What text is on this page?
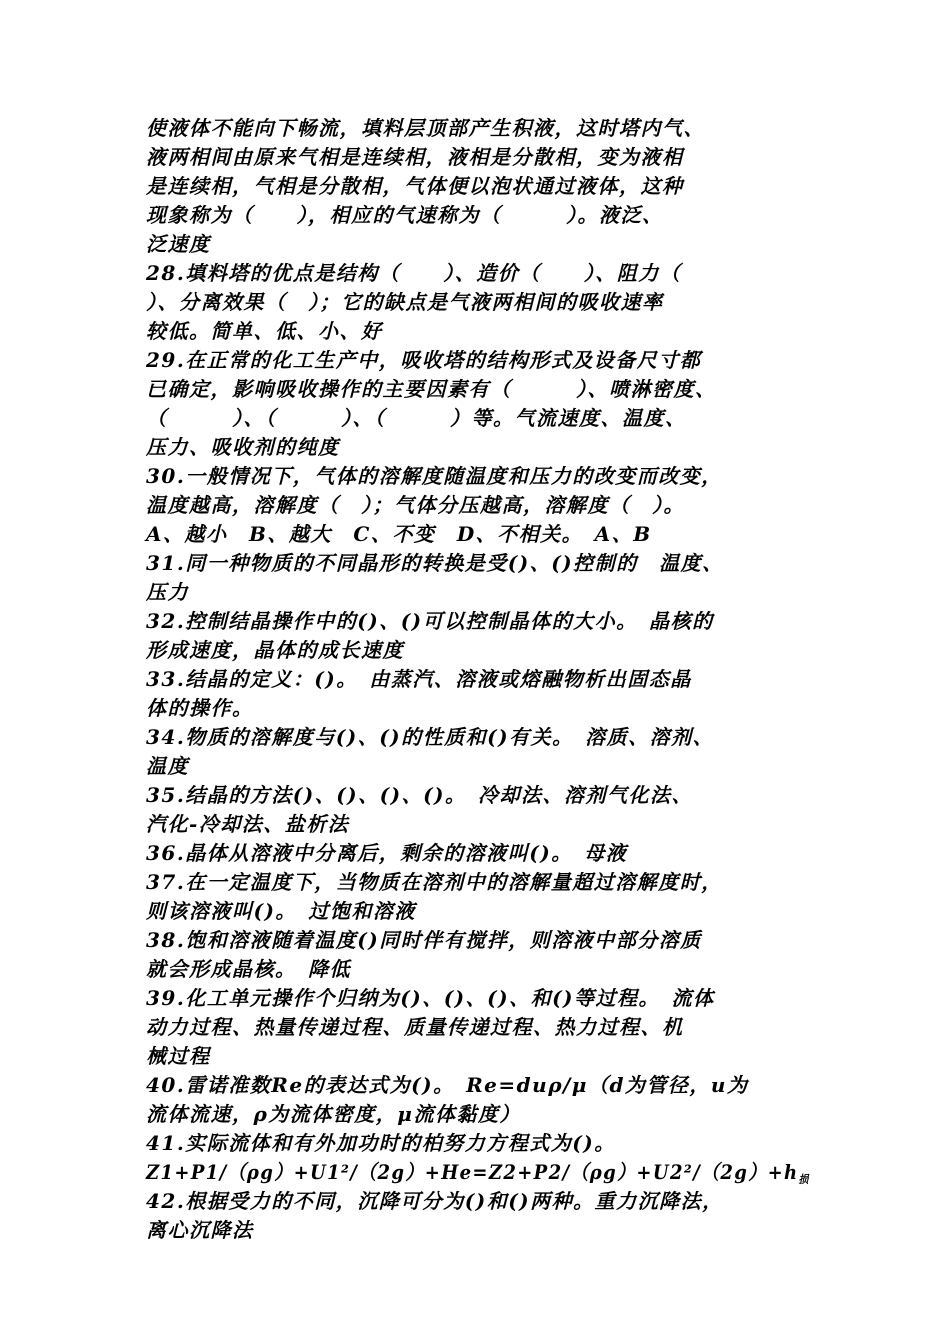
使液体不能向下畅流，填料层顶部产生积液，这时塔内气、
液两相间由原来气相是连续相，液相是分散相，变为液相
是连续相，气相是分散相，气体便以泡状通过液体，这种
现象称为（　　），相应的气速称为（　　　）。液泛、
泛速度
28.填料塔的优点是结构（　　）、造价（　　）、阻力（
）、分离效果（　）；它的缺点是气液两相间的吸收速率
较低。简单、低、小、好
29.在正常的化工生产中，吸收塔的结构形式及设备尺寸都
已确定，影响吸收操作的主要因素有（　　　）、喷淋密度、
（　　　）、（　　　）、（　　　）等。气流速度、温度、
压力、吸收剂的纯度
30.一般情况下，气体的溶解度随温度和压力的改变而改变，
温度越高，溶解度（　）；气体分压越高，溶解度（　）。
A、越小　B、越大　C、不变　D、不相关。　A、B
31.同一种物质的不同晶形的转换是受()、()控制的　温度、
压力
32.控制结晶操作中的()、()可以控制晶体的大小。　晶核的
形成速度，晶体的成长速度
33.结晶的定义：()。　由蒸汽、溶液或熔融物析出固态晶
体的操作。
34.物质的溶解度与()、()的性质和()有关。　溶质、溶剂、
温度
35.结晶的方法()、()、()、()。　冷却法、溶剂气化法、
汽化-冷却法、盐析法
36.晶体从溶液中分离后，剩余的溶液叫()。　母液
37.在一定温度下，当物质在溶剂中的溶解量超过溶解度时，
则该溶液叫()。　过饱和溶液
38.饱和溶液随着温度()同时伴有搅拌，则溶液中部分溶质
就会形成晶核。　降低
39.化工单元操作个归纳为()、()、()、和()等过程。　流体
动力过程、热量传递过程、质量传递过程、热力过程、机
械过程
40.雷诺准数Re的表达式为()。　Re=duρ/μ（d为管径，u为
流体流速，ρ为流体密度，μ流体黏度）
41.实际流体和有外加功时的柏努力方程式为()。
$Z1+P1/(\rho g)+U1^2/(2g)+He=Z2+P2/(\rho g)+U2^2/(2g)+h_损$
42.根据受力的不同，沉降可分为()和()两种。重力沉降法，
离心沉降法
